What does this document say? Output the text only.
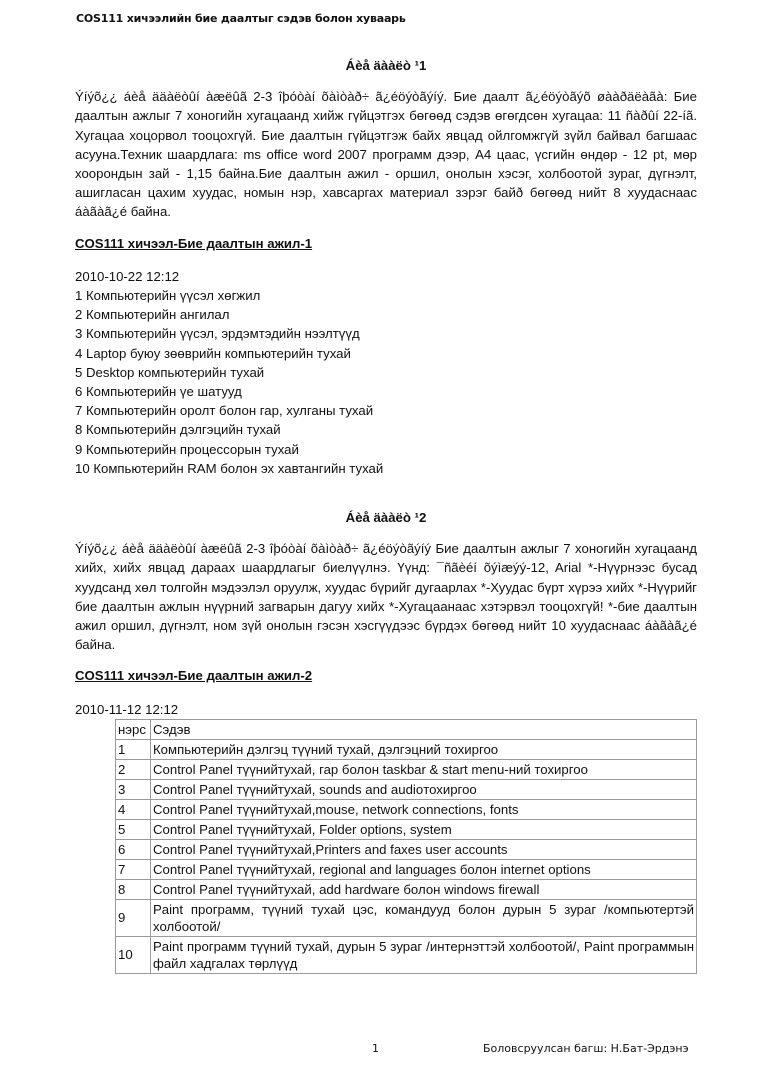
COS111 хичээлийн бие даалтыг сэдэв болон хуваарь
Áèå äààëò ¹1

Ýíýõ¿¿ áèå ääàëòûí àæëûã 2-3 îþóòàí õàìòàð÷ ã¿éöýòãýíý. Бие даалт ã¿éöýòãýõ øààðäëàãà: Бие даалтын ажлыг 7 хоногийн хугацаанд хийж гүйцэтгэх бөгөөд сэдэв өгөгдсөн хугацаа: 11 ñàðûí 22-íã. Хугацаа хоцорвол тооцохгүй. Бие даалтын гүйцэтгэж байх явцад ойлгомжгүй зүйл байвал багшаас асууна.Техник шаардлага: ms office word 2007 программ дээр, A4 цаас, үсгийн өндөр - 12 pt, мөр хоорондын зай - 1,15 байна.Бие даалтын ажил - оршил, онолын хэсэг, холбоотой зураг, дүгнэлт, ашигласан цахим хуудас, номын нэр, хавсаргах материал зэрэг байð бөгөөд нийт 8 хуудаснаас áàãàã¿é байна.

COS111 хичээл-Бие даалтын ажил-1

2010-10-22 12:12

1 Компьютерийн үүсэл хөгжил
2 Компьютерийн ангилал
3 Компьютерийн үүсэл, эрдэмтэдийн нээлтүүд
4 Laptop буюу зөөврийн компьютерийн тухай
5 Desktop компьютерийн тухай
6 Компьютерийн үе шатууд
7 Компьютерийн оролт болон гар, хулганы тухай
8 Компьютерийн дэлгэцийн тухай
9 Компьютерийн процессорын тухай
10 Компьютерийн RAM болон эх хавтангийн тухай
Áèå äààëò ¹2

Ýíýõ¿¿ áèå ääàëòûí àæëûã 2-3 îþóòàí õàìòàð÷ ã¿éöýòãýíý Бие даалтын ажлыг 7 хоногийн хугацаанд хийх, хийх явцад дараах шаардлагыг биелүүлнэ. Үүнд: ¯ñãèéí õýìæýý-12, Arial *-Нүүрнээс бусад хуудсанд хөл толгойн мэдээлэл оруулж, хуудас бүрийг дугаарлах *-Хуудас бүрт хүрээ хийх *-Нүүрийг бие даалтын ажлын нүүрний загварын дагуу хийх *-Хугацаанаас хэтэрвэл тооцохгүй! *-бие даалтын ажил оршил, дүгнэлт, ном зүй онолын гэсэн хэсгүүдээс бүрдэх бөгөөд нийт 10 хуудаснаас áàãàã¿é байна.

COS111 хичээл-Бие даалтын ажил-2

2010-11-12 12:12

нэрс	Сэдэв
1	Компьютерийн дэлгэц түүний тухай, дэлгэцний тохиргоо
2	Control Panel түүнийтухай, гар болон taskbar & start menu-ний тохиргоо
3	Control Panel түүнийтухай, sounds and audioтохиргоо
4	Control Panel түүнийтухай,mouse, network connections, fonts
5	Control Panel түүнийтухай, Folder options, system
6	Control Panel түүнийтухай,Printers and faxes user accounts
7	Control Panel түүнийтухай, regional and languages болон internet options
8	Control Panel түүнийтухай, add hardware болон windows firewall
9	Paint программ, түүний тухай цэс, командууд болон дурын 5 зураг /компьютертэй холбоотой/
10	Paint программ түүний тухай, дурын 5 зураг /интернэттэй холбоотой/, Paint программын файл хадгалах төрлүүд
1	Боловсруулсан багш: Н.Бат-Эрдэнэ
